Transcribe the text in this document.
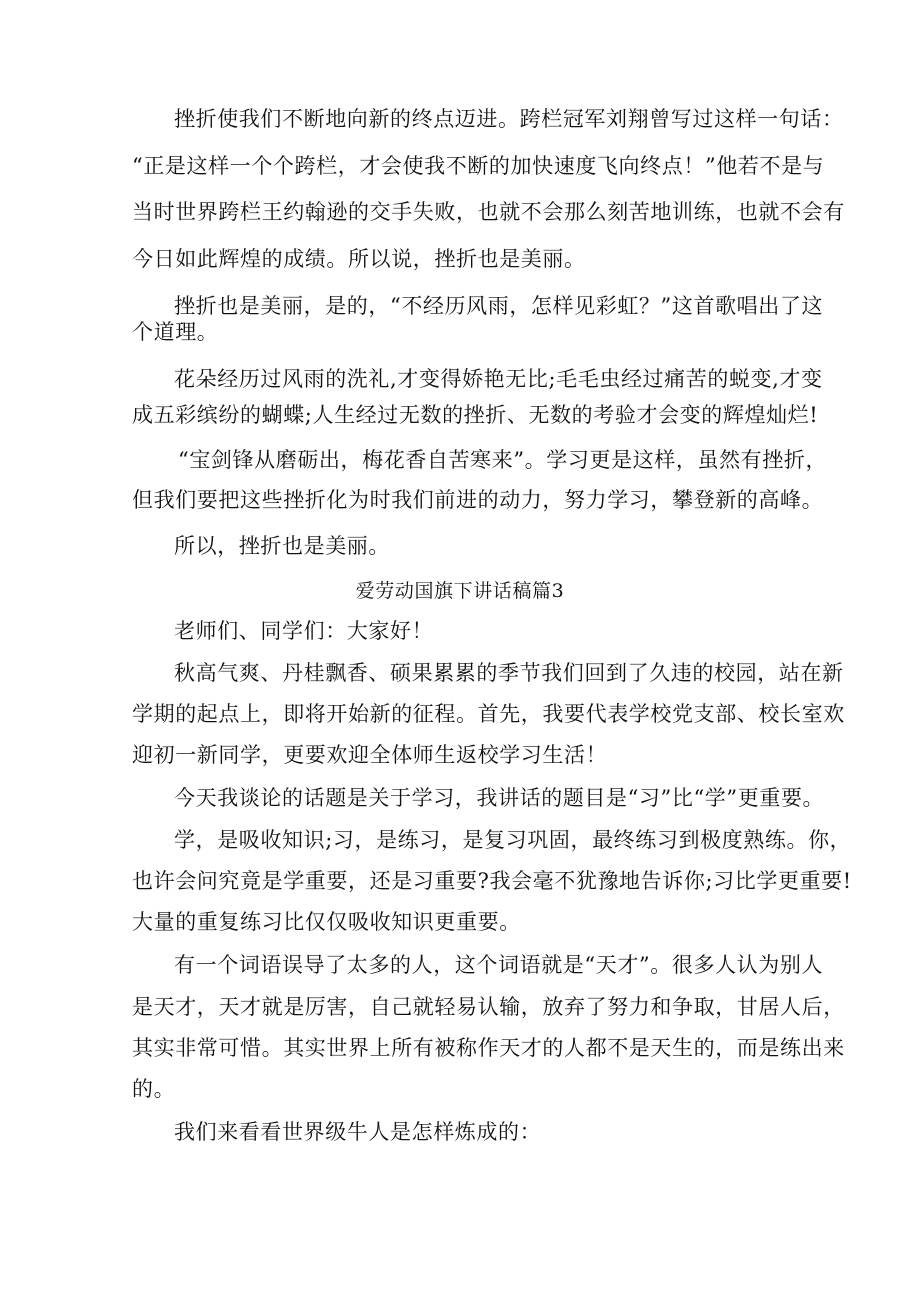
挫折使我们不断地向新的终点迈进。跨栏冠军刘翔曾写过这样一句话：
“正是这样一个个跨栏，才会使我不断的加快速度飞向终点！”他若不是与
当时世界跨栏王约翰逊的交手失败，也就不会那么刻苦地训练，也就不会有
今日如此辉煌的成绩。所以说，挫折也是美丽。
挫折也是美丽，是的，“不经历风雨，怎样见彩虹？”这首歌唱出了这
个道理。
花朵经历过风雨的洗礼,才变得娇艳无比;毛毛虫经过痛苦的蜕变,才变
成五彩缤纷的蝴蝶;人生经过无数的挫折、无数的考验才会变的辉煌灿烂!
“宝剑锋从磨砺出，梅花香自苦寒来”。学习更是这样，虽然有挫折，
但我们要把这些挫折化为时我们前进的动力，努力学习，攀登新的高峰。
所以，挫折也是美丽。
爱劳动国旗下讲话稿篇3
老师们、同学们：大家好！
秋高气爽、丹桂飘香、硕果累累的季节我们回到了久违的校园，站在新
学期的起点上，即将开始新的征程。首先，我要代表学校党支部、校长室欢
迎初一新同学，更要欢迎全体师生返校学习生活！
今天我谈论的话题是关于学习，我讲话的题目是“习”比“学”更重要。
学，是吸收知识;习，是练习，是复习巩固，最终练习到极度熟练。你，
也许会问究竟是学重要，还是习重要?我会毫不犹豫地告诉你;习比学更重要!
大量的重复练习比仅仅吸收知识更重要。
有一个词语误导了太多的人，这个词语就是“天才”。很多人认为别人
是天才，天才就是厉害，自己就轻易认输，放弃了努力和争取，甘居人后，
其实非常可惜。其实世界上所有被称作天才的人都不是天生的，而是练出来
的。
我们来看看世界级牛人是怎样炼成的：
